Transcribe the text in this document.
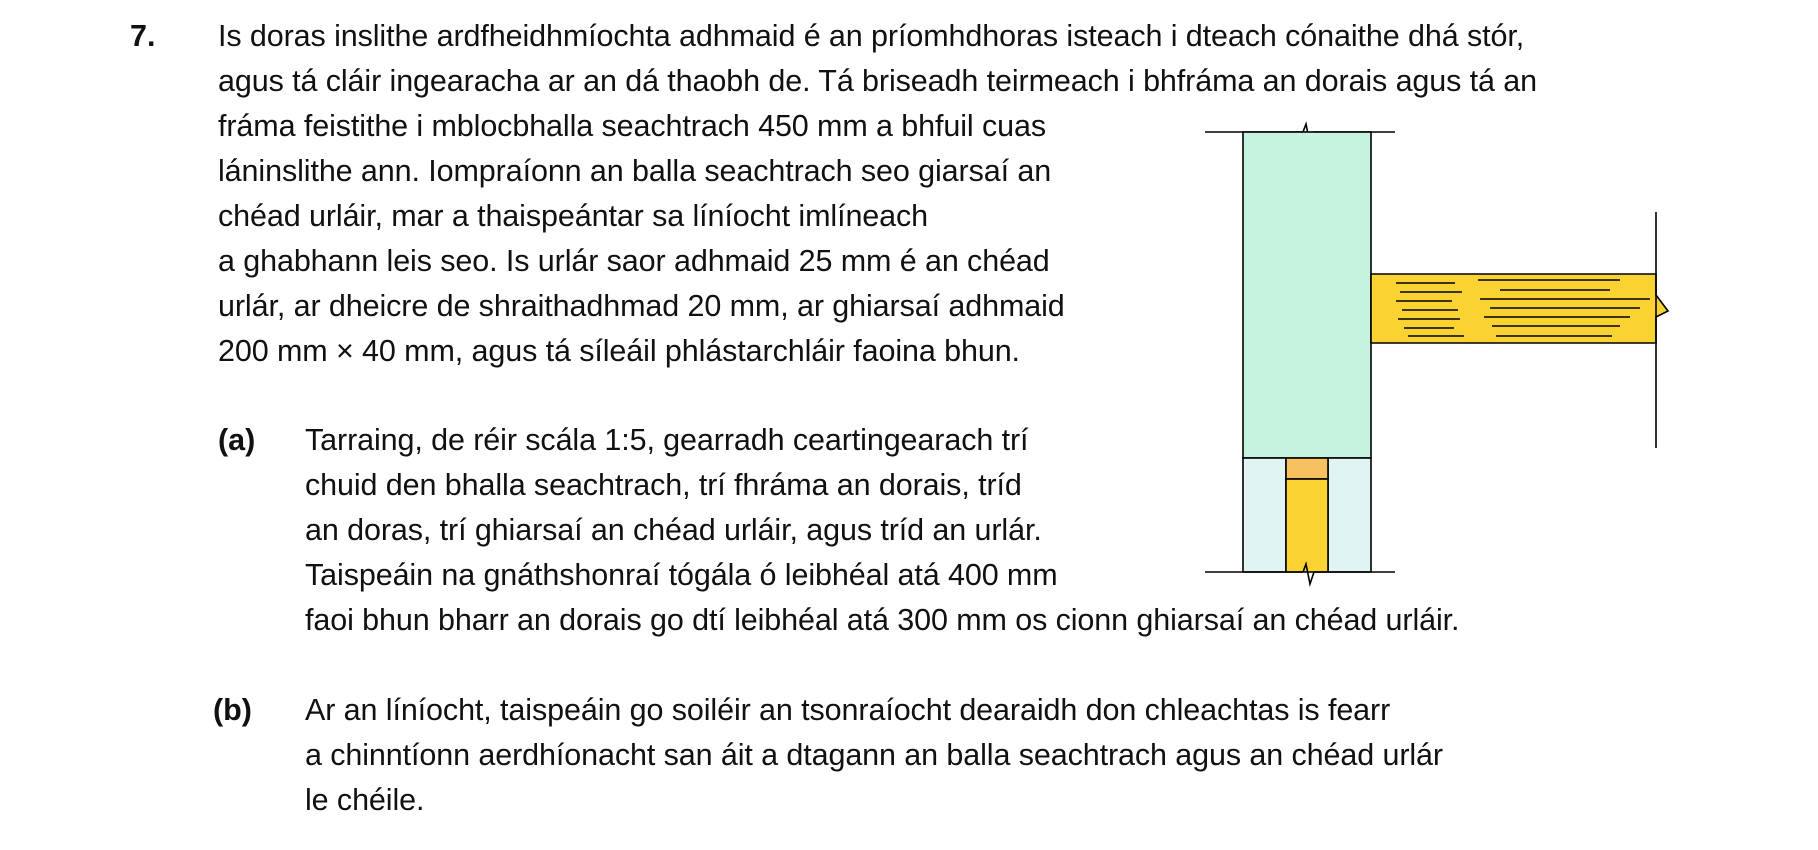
7. Is doras inslithe ardfheidhmíochta adhmaid é an príomhdhoras isteach i dteach cónaithe dhá stór,
agus tá cláir ingearacha ar an dá thaobh de. Tá briseadh teirmeach i bhfráma an dorais agus tá an
fráma feistithe i mblocbhalla seachtrach 450 mm a bhfuil cuas
láninslithe ann. Iompraíonn an balla seachtrach seo giarsaí an
chéad urláir, mar a thaispeántar sa líníocht imlíneach
a ghabhann leis seo. Is urlár saor adhmaid 25 mm é an chéad
urlár, ar dheicre de shraithadhmad 20 mm, ar ghiarsaí adhmaid
200 mm × 40 mm, agus tá síleáil phlástarchláir faoina bhun.
(a) Tarraing, de réir scála 1:5, gearradh ceartingearach trí
chuid den bhalla seachtrach, trí fhráma an dorais, tríd
an doras, trí ghiarsaí an chéad urláir, agus tríd an urlár.
Taispeáin na gnáthshonraí tógála ó leibhéal atá 400 mm
faoi bhun bharr an dorais go dtí leibhéal atá 300 mm os cionn ghiarsaí an chéad urláir.
(b) Ar an líníocht, taispeáin go soiléir an tsonraíocht dearaidh don chleachtas is fearr
a chinntíonn aerdhíonacht san áit a dtagann an balla seachtrach agus an chéad urlár
le chéile.
